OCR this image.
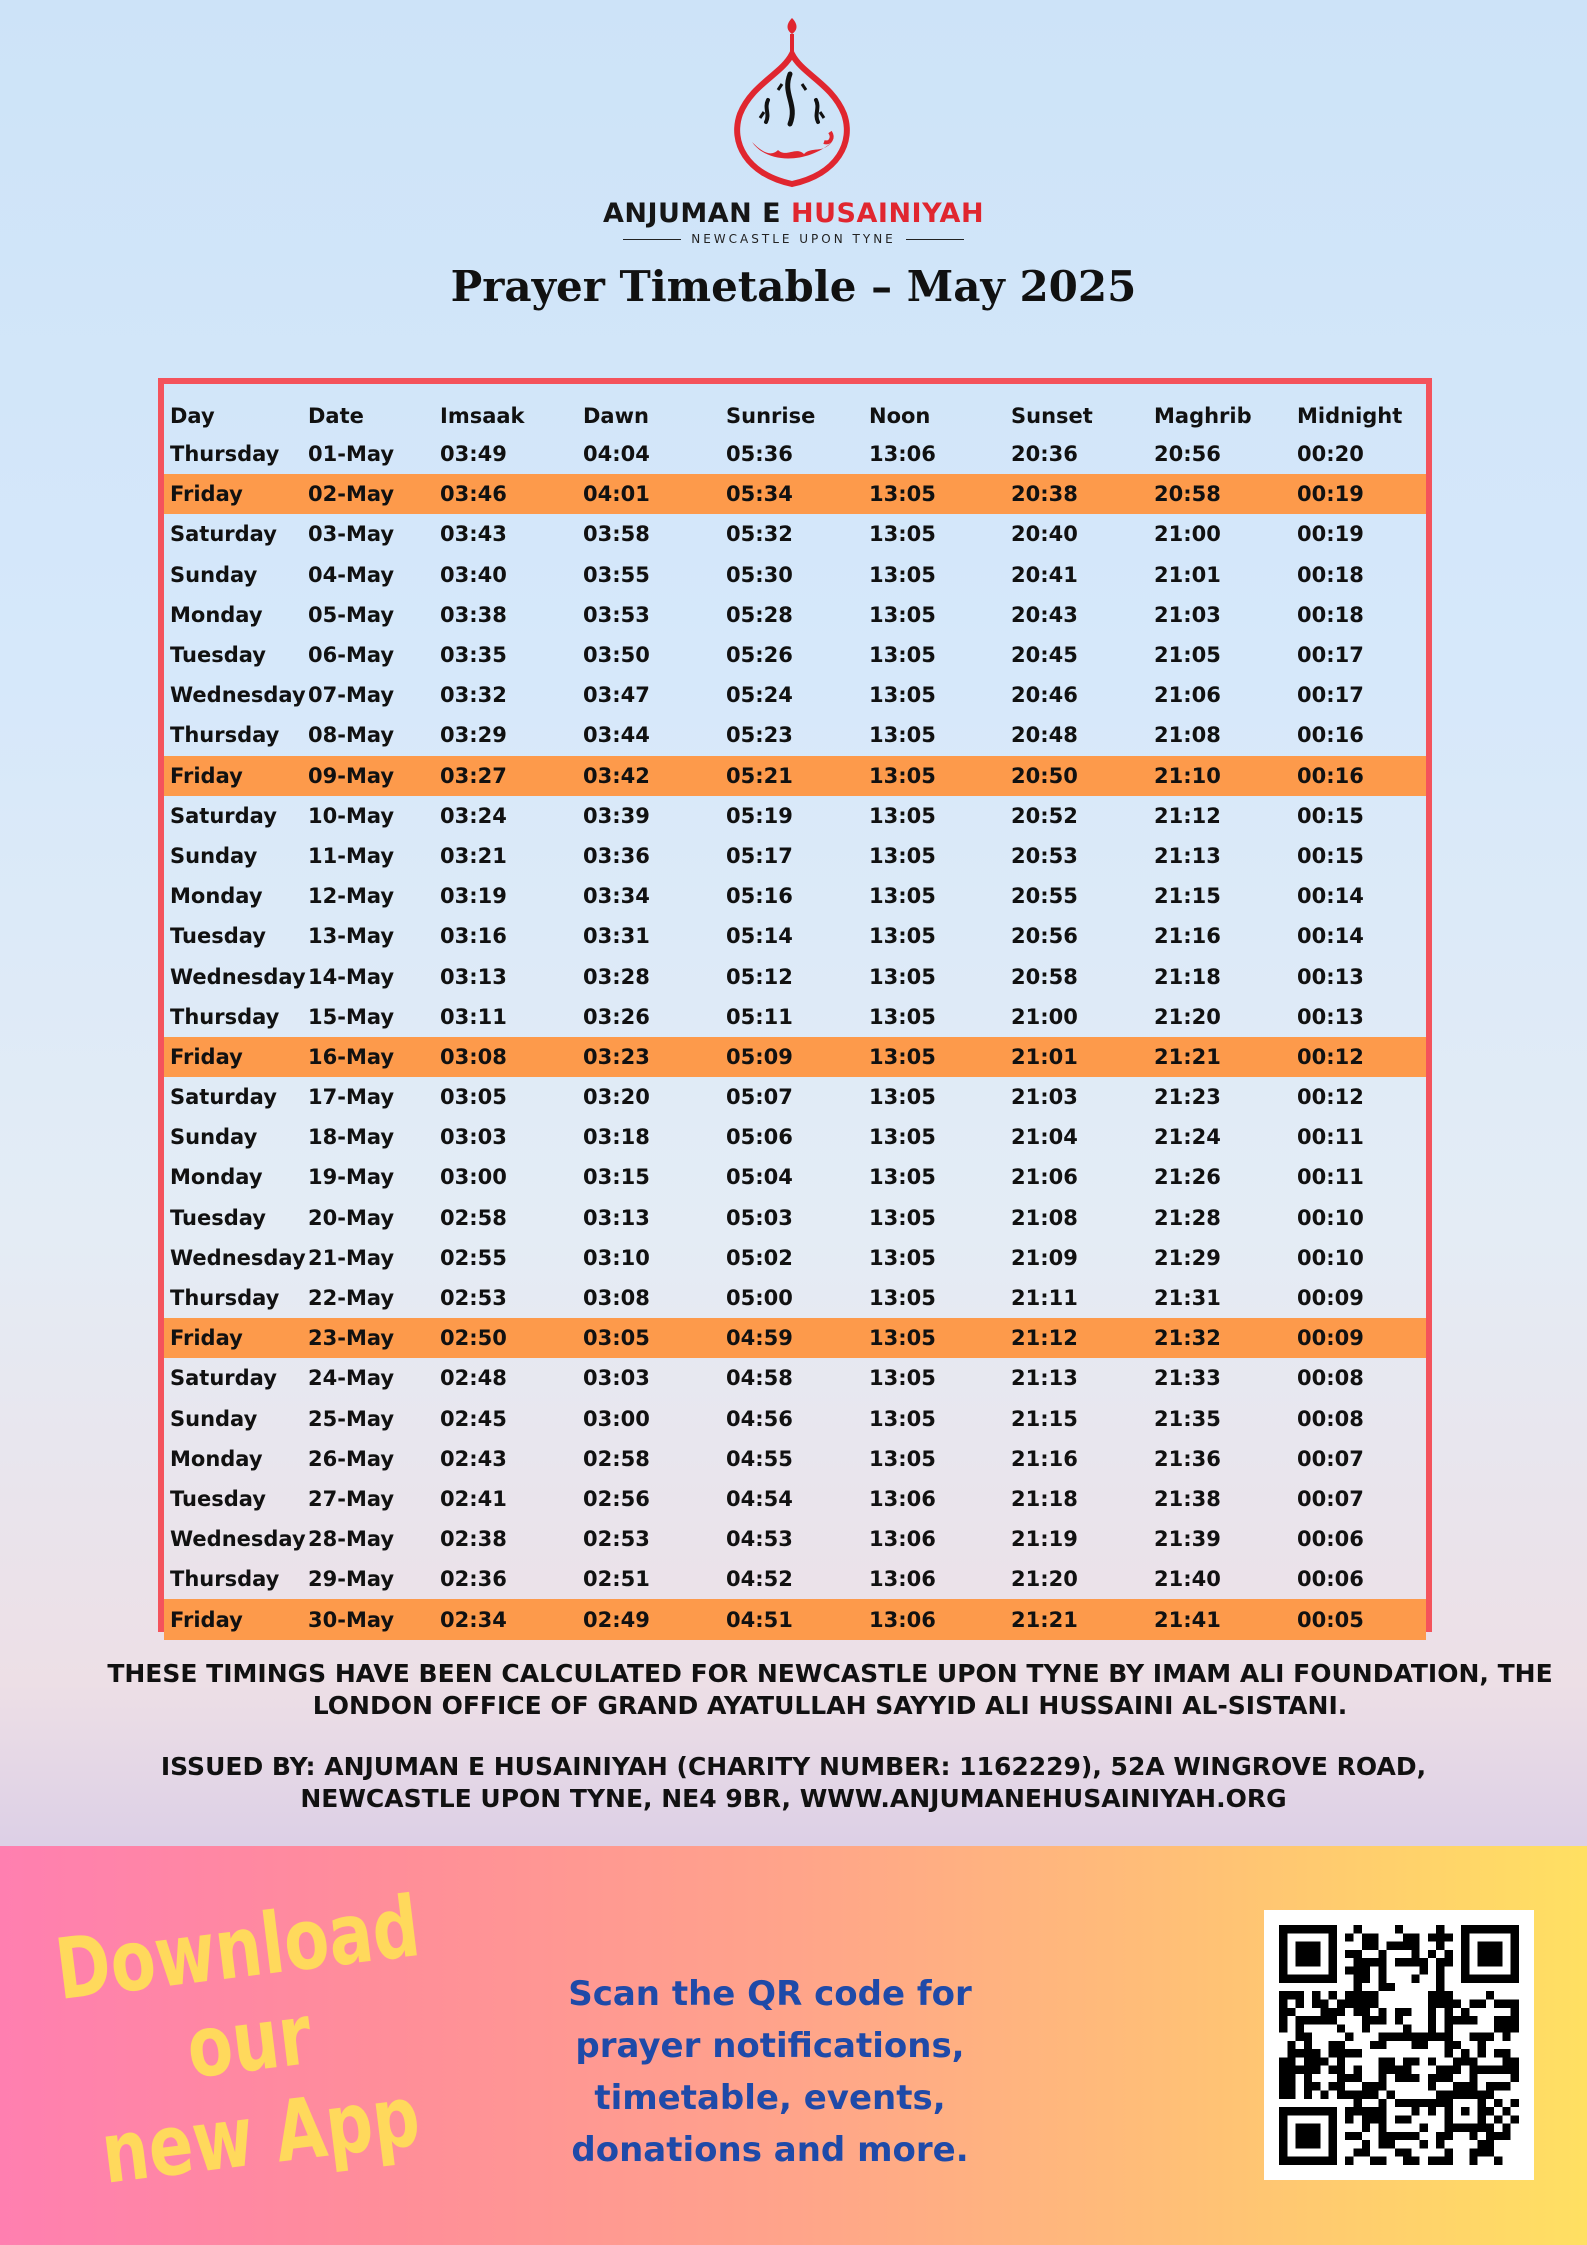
ANJUMAN E HUSAINIYAH
NEWCASTLE UPON TYNE
Prayer Timetable – May 2025
Day	Date	Imsaak	Dawn	Sunrise	Noon	Sunset	Maghrib	Midnight
Thursday	01-May	03:49	04:04	05:36	13:06	20:36	20:56	00:20
Friday	02-May	03:46	04:01	05:34	13:05	20:38	20:58	00:19
Saturday	03-May	03:43	03:58	05:32	13:05	20:40	21:00	00:19
Sunday	04-May	03:40	03:55	05:30	13:05	20:41	21:01	00:18
Monday	05-May	03:38	03:53	05:28	13:05	20:43	21:03	00:18
Tuesday	06-May	03:35	03:50	05:26	13:05	20:45	21:05	00:17
Wednesday	07-May	03:32	03:47	05:24	13:05	20:46	21:06	00:17
Thursday	08-May	03:29	03:44	05:23	13:05	20:48	21:08	00:16
Friday	09-May	03:27	03:42	05:21	13:05	20:50	21:10	00:16
Saturday	10-May	03:24	03:39	05:19	13:05	20:52	21:12	00:15
Sunday	11-May	03:21	03:36	05:17	13:05	20:53	21:13	00:15
Monday	12-May	03:19	03:34	05:16	13:05	20:55	21:15	00:14
Tuesday	13-May	03:16	03:31	05:14	13:05	20:56	21:16	00:14
Wednesday	14-May	03:13	03:28	05:12	13:05	20:58	21:18	00:13
Thursday	15-May	03:11	03:26	05:11	13:05	21:00	21:20	00:13
Friday	16-May	03:08	03:23	05:09	13:05	21:01	21:21	00:12
Saturday	17-May	03:05	03:20	05:07	13:05	21:03	21:23	00:12
Sunday	18-May	03:03	03:18	05:06	13:05	21:04	21:24	00:11
Monday	19-May	03:00	03:15	05:04	13:05	21:06	21:26	00:11
Tuesday	20-May	02:58	03:13	05:03	13:05	21:08	21:28	00:10
Wednesday	21-May	02:55	03:10	05:02	13:05	21:09	21:29	00:10
Thursday	22-May	02:53	03:08	05:00	13:05	21:11	21:31	00:09
Friday	23-May	02:50	03:05	04:59	13:05	21:12	21:32	00:09
Saturday	24-May	02:48	03:03	04:58	13:05	21:13	21:33	00:08
Sunday	25-May	02:45	03:00	04:56	13:05	21:15	21:35	00:08
Monday	26-May	02:43	02:58	04:55	13:05	21:16	21:36	00:07
Tuesday	27-May	02:41	02:56	04:54	13:06	21:18	21:38	00:07
Wednesday	28-May	02:38	02:53	04:53	13:06	21:19	21:39	00:06
Thursday	29-May	02:36	02:51	04:52	13:06	21:20	21:40	00:06
Friday	30-May	02:34	02:49	04:51	13:06	21:21	21:41	00:05
THESE TIMINGS HAVE BEEN CALCULATED FOR NEWCASTLE UPON TYNE BY IMAM ALI FOUNDATION, THE
LONDON OFFICE OF GRAND AYATULLAH SAYYID ALI HUSSAINI AL-SISTANI.
ISSUED BY: ANJUMAN E HUSAINIYAH (CHARITY NUMBER: 1162229), 52A WINGROVE ROAD,
NEWCASTLE UPON TYNE, NE4 9BR, WWW.ANJUMANEHUSAINIYAH.ORG
Download our
new App
Scan the QR code for prayer notifications, timetable, events, donations and more.
